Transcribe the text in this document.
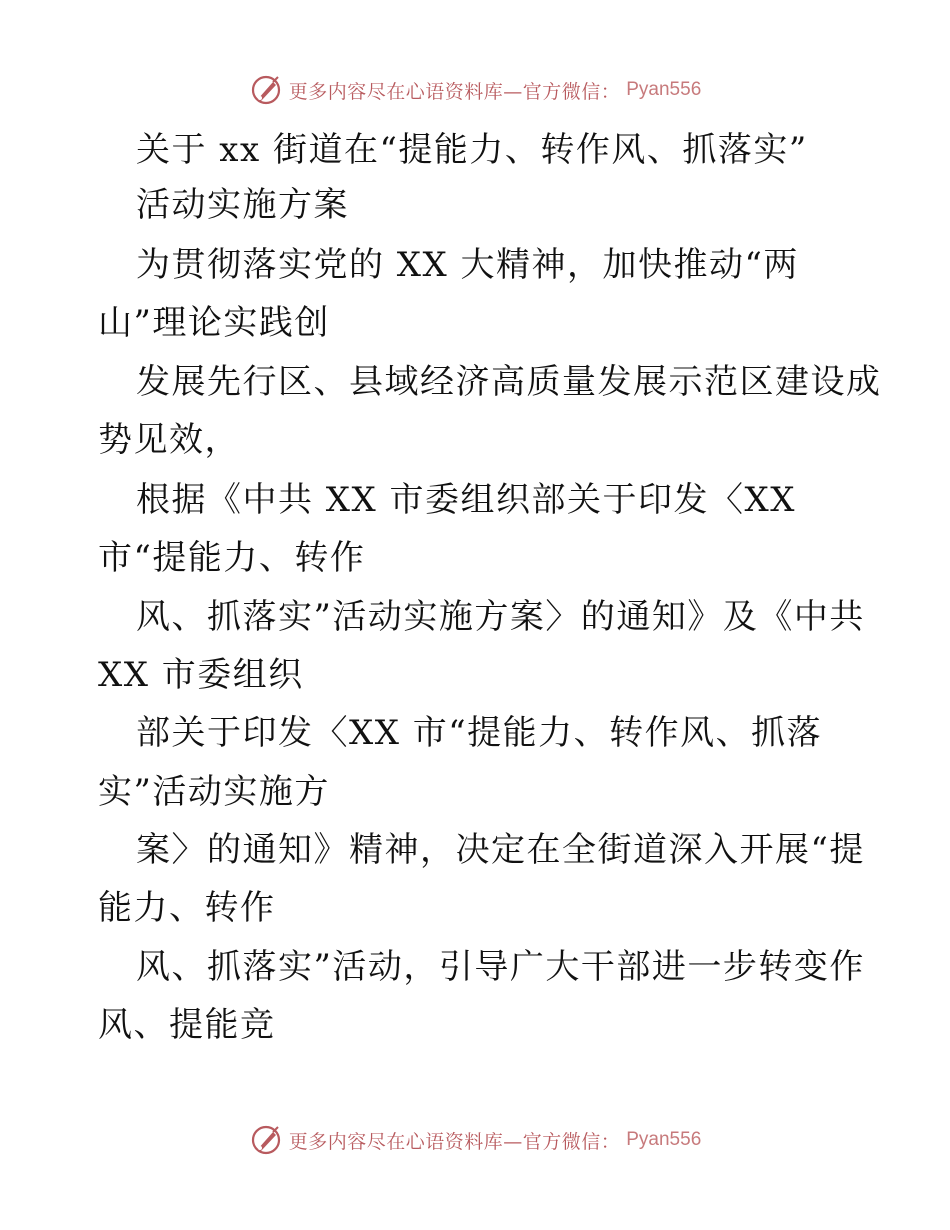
更多内容尽在心语资料库—官方微信： Pyan556
关于 xx 街道在“提能力、转作风、抓落实”
活动实施方案
为贯彻落实党的 XX 大精神，加快推动“两
山”理论实践创
发展先行区、县域经济高质量发展示范区建设成
势见效，
根据《中共 XX 市委组织部关于印发〈XX
市“提能力、转作
风、抓落实”活动实施方案〉的通知》及《中共
XX 市委组织
部关于印发〈XX 市“提能力、转作风、抓落
实”活动实施方
案〉的通知》精神，决定在全街道深入开展“提
能力、转作
风、抓落实”活动，引导广大干部进一步转变作
风、提能竞
更多内容尽在心语资料库—官方微信： Pyan556
